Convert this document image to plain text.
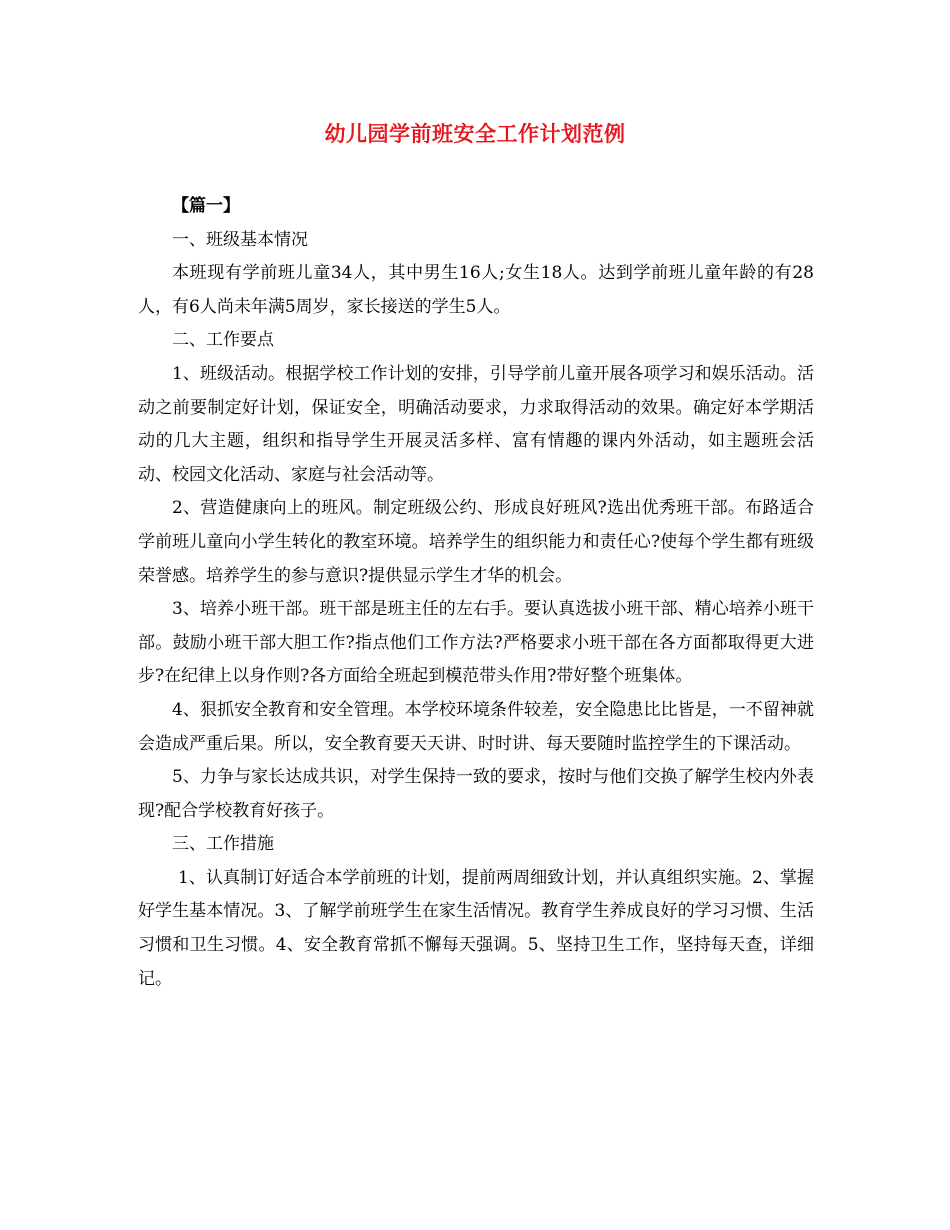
幼儿园学前班安全工作计划范例

【篇一】

一、班级基本情况

本班现有学前班儿童34人，其中男生16人;女生18人。达到学前班儿童年龄的有28人，有6人尚未年满5周岁，家长接送的学生5人。

二、工作要点

1、班级活动。根据学校工作计划的安排，引导学前儿童开展各项学习和娱乐活动。活动之前要制定好计划，保证安全，明确活动要求，力求取得活动的效果。确定好本学期活动的几大主题，组织和指导学生开展灵活多样、富有情趣的课内外活动，如主题班会活动、校园文化活动、家庭与社会活动等。

2、营造健康向上的班风。制定班级公约、形成良好班风?选出优秀班干部。布路适合学前班儿童向小学生转化的教室环境。培养学生的组织能力和责任心?使每个学生都有班级荣誉感。培养学生的参与意识?提供显示学生才华的机会。

3、培养小班干部。班干部是班主任的左右手。要认真选拔小班干部、精心培养小班干部。鼓励小班干部大胆工作?指点他们工作方法?严格要求小班干部在各方面都取得更大进步?在纪律上以身作则?各方面给全班起到模范带头作用?带好整个班集体。

4、狠抓安全教育和安全管理。本学校环境条件较差，安全隐患比比皆是，一不留神就会造成严重后果。所以，安全教育要天天讲、时时讲、每天要随时监控学生的下课活动。

5、力争与家长达成共识，对学生保持一致的要求，按时与他们交换了解学生校内外表现?配合学校教育好孩子。

三、工作措施

1、认真制订好适合本学前班的计划，提前两周细致计划，并认真组织实施。2、掌握好学生基本情况。3、了解学前班学生在家生活情况。教育学生养成良好的学习习惯、生活习惯和卫生习惯。4、安全教育常抓不懈每天强调。5、坚持卫生工作，坚持每天查，详细记。
